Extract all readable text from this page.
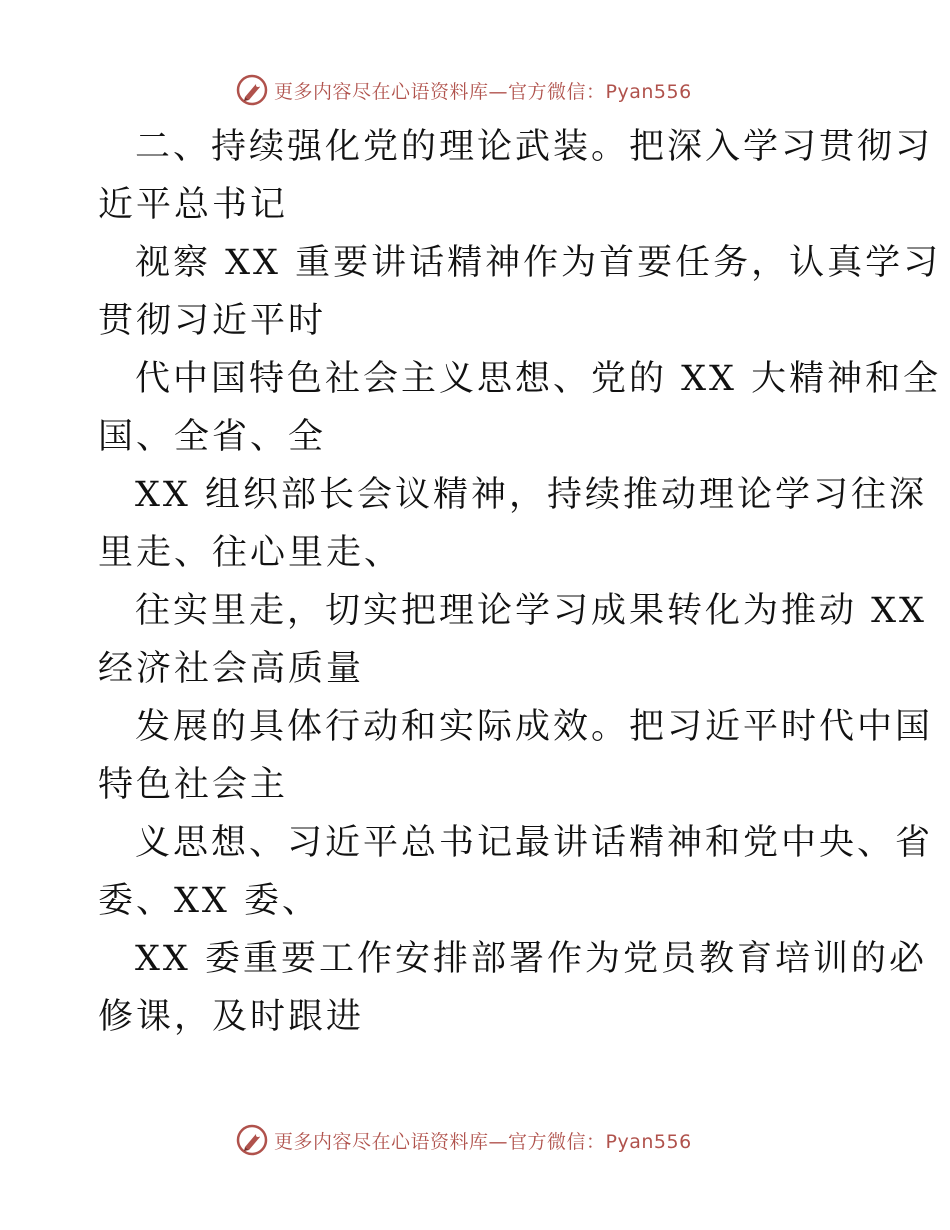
更多内容尽在心语资料库—官方微信：Pyan556

二、持续强化党的理论武装。把深入学习贯彻习
近平总书记

视察 XX 重要讲话精神作为首要任务，认真学习
贯彻习近平时

代中国特色社会主义思想、党的 XX 大精神和全
国、全省、全

XX 组织部长会议精神，持续推动理论学习往深
里走、往心里走、

往实里走，切实把理论学习成果转化为推动 XX
经济社会高质量

发展的具体行动和实际成效。把习近平时代中国
特色社会主

义思想、习近平总书记最讲话精神和党中央、省
委、XX 委、

XX 委重要工作安排部署作为党员教育培训的必
修课，及时跟进

更多内容尽在心语资料库—官方微信：Pyan556
